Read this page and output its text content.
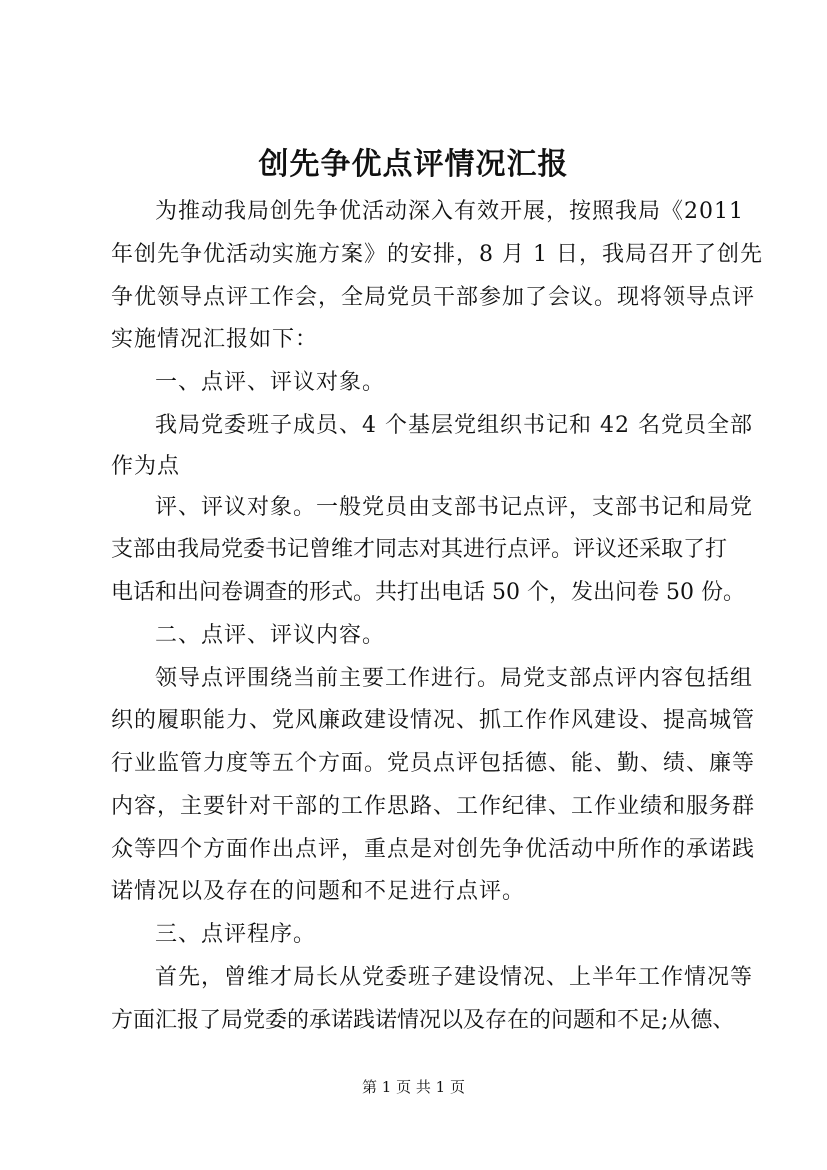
创先争优点评情况汇报
为推动我局创先争优活动深入有效开展，按照我局《2011
年创先争优活动实施方案》的安排，8 月 1 日，我局召开了创先
争优领导点评工作会，全局党员干部参加了会议。现将领导点评
实施情况汇报如下：
一、点评、评议对象。
我局党委班子成员、4 个基层党组织书记和 42 名党员全部
作为点
评、评议对象。一般党员由支部书记点评，支部书记和局党
支部由我局党委书记曾维才同志对其进行点评。评议还采取了打
电话和出问卷调查的形式。共打出电话 50 个，发出问卷 50 份。
二、点评、评议内容。
领导点评围绕当前主要工作进行。局党支部点评内容包括组
织的履职能力、党风廉政建设情况、抓工作作风建设、提高城管
行业监管力度等五个方面。党员点评包括德、能、勤、绩、廉等
内容，主要针对干部的工作思路、工作纪律、工作业绩和服务群
众等四个方面作出点评，重点是对创先争优活动中所作的承诺践
诺情况以及存在的问题和不足进行点评。
三、点评程序。
首先，曾维才局长从党委班子建设情况、上半年工作情况等
方面汇报了局党委的承诺践诺情况以及存在的问题和不足;从德、
第 1 页 共 1 页
